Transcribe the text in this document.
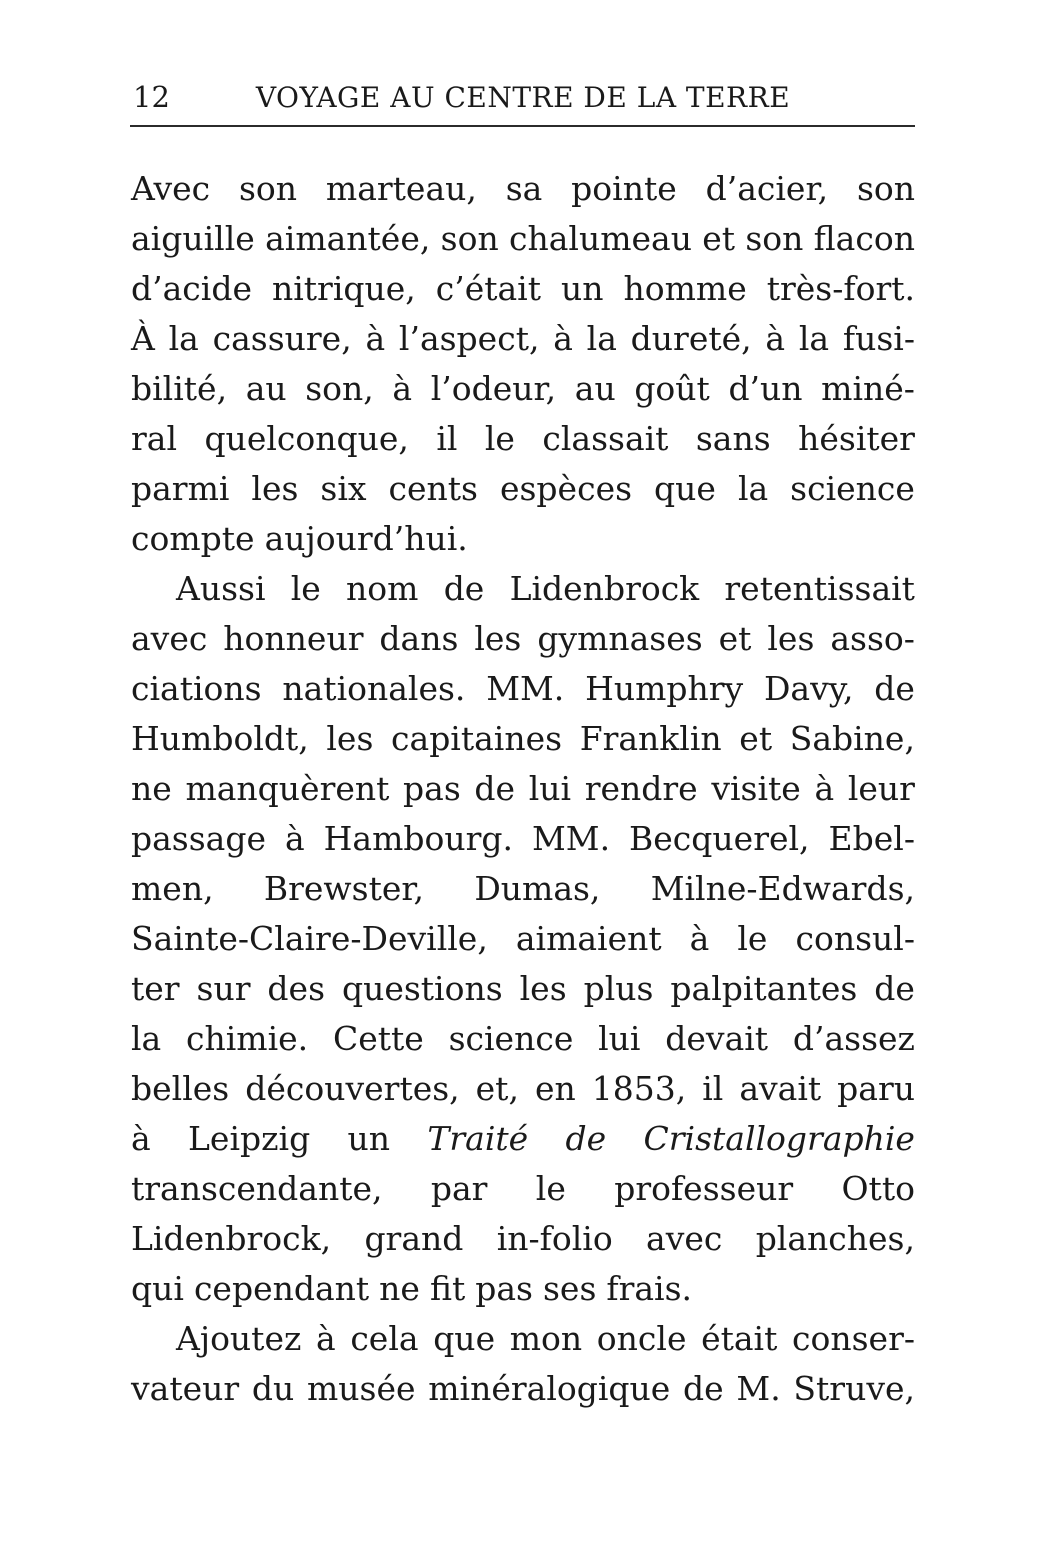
12	VOYAGE AU CENTRE DE LA TERRE
Avec son marteau, sa pointe d’acier, son
aiguille aimantée, son chalumeau et son flacon
d’acide nitrique, c’était un homme très-fort.
À la cassure, à l’aspect, à la dureté, à la fusi-
bilité, au son, à l’odeur, au goût d’un miné-
ral quelconque, il le classait sans hésiter
parmi les six cents espèces que la science
compte aujourd’hui.
Aussi le nom de Lidenbrock retentissait
avec honneur dans les gymnases et les asso-
ciations nationales. MM. Humphry Davy, de
Humboldt, les capitaines Franklin et Sabine,
ne manquèrent pas de lui rendre visite à leur
passage à Hambourg. MM. Becquerel, Ebel-
men, Brewster, Dumas, Milne-Edwards,
Sainte-Claire-Deville, aimaient à le consul-
ter sur des questions les plus palpitantes de
la chimie. Cette science lui devait d’assez
belles découvertes, et, en 1853, il avait paru
à Leipzig un Traité de Cristallographie
transcendante, par le professeur Otto
Lidenbrock, grand in-folio avec planches,
qui cependant ne fit pas ses frais.
Ajoutez à cela que mon oncle était conser-
vateur du musée minéralogique de M. Struve,
